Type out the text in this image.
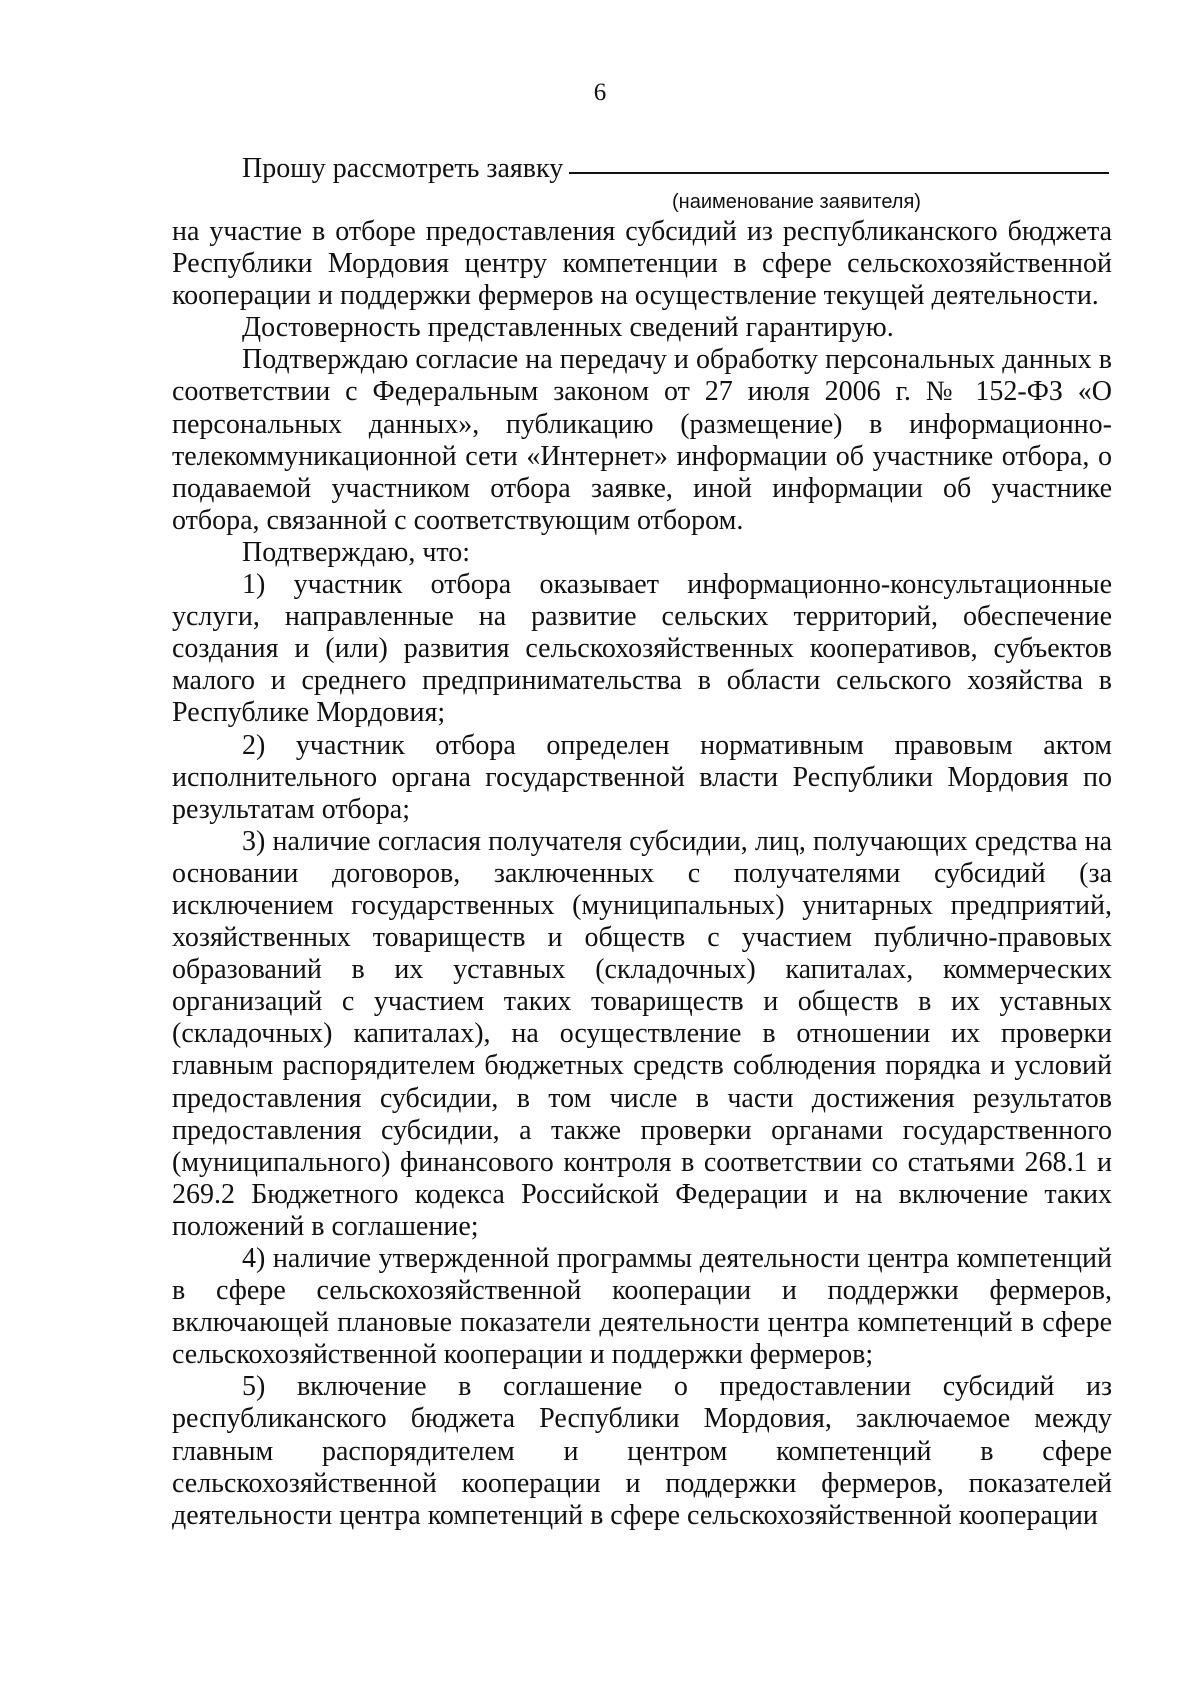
6
Прошу рассмотреть заявку
(наименование заявителя)

на участие в отборе предоставления субсидий из республиканского бюджета Республики Мордовия центру компетенции в сфере сельскохозяйственной кооперации и поддержки фермеров на осуществление текущей деятельности.

Достоверность представленных сведений гарантирую.

Подтверждаю согласие на передачу и обработку персональных данных в соответствии с Федеральным законом от 27 июля 2006 г. № 152-ФЗ «О персональных данных», публикацию (размещение) в информационно-телекоммуникационной сети «Интернет» информации об участнике отбора, о подаваемой участником отбора заявке, иной информации об участнике отбора, связанной с соответствующим отбором.

Подтверждаю, что:

1) участник отбора оказывает информационно-консультационные услуги, направленные на развитие сельских территорий, обеспечение создания и (или) развития сельскохозяйственных кооперативов, субъектов малого и среднего предпринимательства в области сельского хозяйства в Республике Мордовия;

2) участник отбора определен нормативным правовым актом исполнительного органа государственной власти Республики Мордовия по результатам отбора;

3) наличие согласия получателя субсидии, лиц, получающих средства на основании договоров, заключенных с получателями субсидий (за исключением государственных (муниципальных) унитарных предприятий, хозяйственных товариществ и обществ с участием публично-правовых образований в их уставных (складочных) капиталах, коммерческих организаций с участием таких товариществ и обществ в их уставных (складочных) капиталах), на осуществление в отношении их проверки главным распорядителем бюджетных средств соблюдения порядка и условий предоставления субсидии, в том числе в части достижения результатов предоставления субсидии, а также проверки органами государственного (муниципального) финансового контроля в соответствии со статьями 268.1 и 269.2 Бюджетного кодекса Российской Федерации и на включение таких положений в соглашение;

4) наличие утвержденной программы деятельности центра компетенций в сфере сельскохозяйственной кооперации и поддержки фермеров, включающей плановые показатели деятельности центра компетенций в сфере сельскохозяйственной кооперации и поддержки фермеров;

5) включение в соглашение о предоставлении субсидий из республиканского бюджета Республики Мордовия, заключаемое между главным распорядителем и центром компетенций в сфере сельскохозяйственной кооперации и поддержки фермеров, показателей деятельности центра компетенций в сфере сельскохозяйственной кооперации
